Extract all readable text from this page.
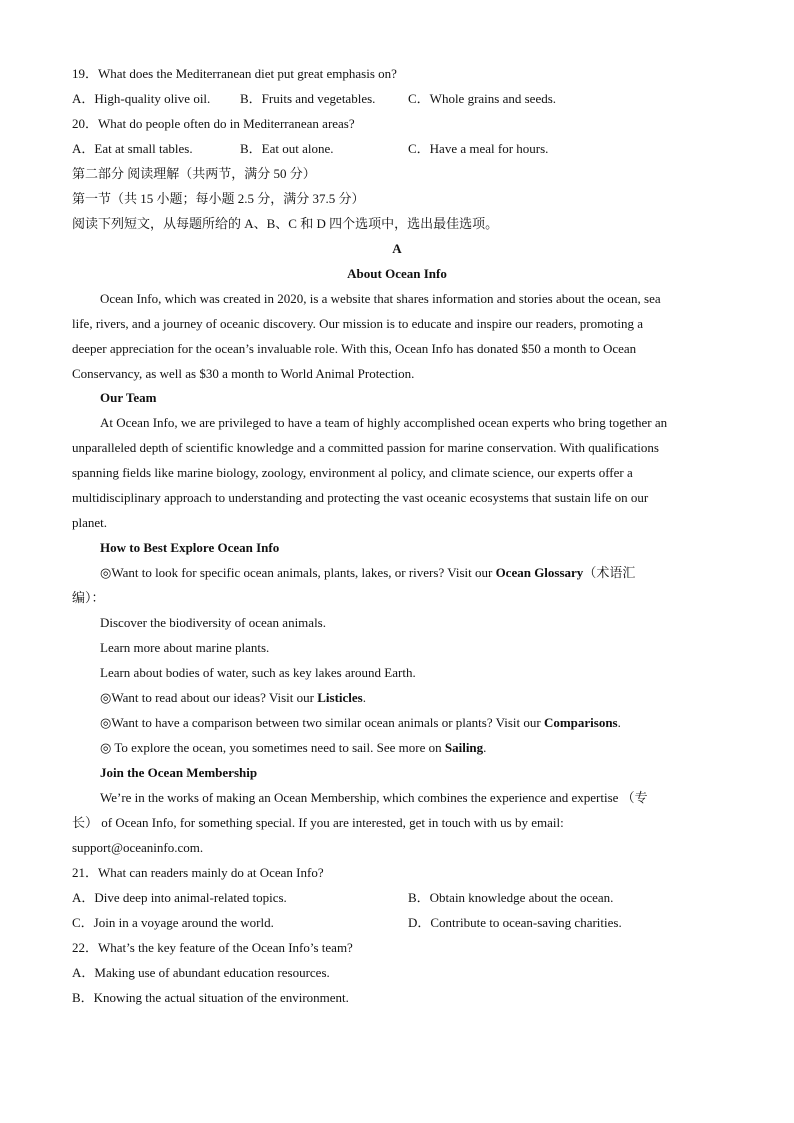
19．What does the Mediterranean diet put great emphasis on?
A．High-quality olive oil. B．Fruits and vegetables.	C．Whole grains and seeds.
20．What do people often do in Mediterranean areas?
A．Eat at small tables.	B．Eat out alone.	C．Have a meal for hours.
第二部分 阅读理解（共两节，满分 50 分）
第一节（共 15 小题；每小题 2.5 分，满分 37.5 分）
阅读下列短文，从每题所给的 A、B、C 和 D 四个选项中，选出最佳选项。
A
About Ocean Info
Ocean Info, which was created in 2020, is a website that shares information and stories about the ocean, sea
life, rivers, and a journey of oceanic discovery. Our mission is to educate and inspire our readers, promoting a
deeper appreciation for the ocean’s invaluable role. With this, Ocean Info has donated $50 a month to Ocean
Conservancy, as well as $30 a month to World Animal Protection.
Our Team
At Ocean Info, we are privileged to have a team of highly accomplished ocean experts who bring together an
unparalleled depth of scientific knowledge and a committed passion for marine conservation. With qualifications
spanning fields like marine biology, zoology, environment al policy, and climate science, our experts offer a
multidisciplinary approach to understanding and protecting the vast oceanic ecosystems that sustain life on our
planet.
How to Best Explore Ocean Info
◎Want to look for specific ocean animals, plants, lakes, or rivers? Visit our Ocean Glossary（术语汇
编）：
Discover the biodiversity of ocean animals.
Learn more about marine plants.
Learn about bodies of water, such as key lakes around Earth.
◎Want to read about our ideas? Visit our Listicles.
◎Want to have a comparison between two similar ocean animals or plants? Visit our Comparisons.
◎ To explore the ocean, you sometimes need to sail. See more on Sailing.
Join the Ocean Membership
We’re in the works of making an Ocean Membership, which combines the experience and expertise （专
长） of Ocean Info, for something special. If you are interested, get in touch with us by email:
support@oceaninfo.com.
21．What can readers mainly do at Ocean Info?
A．Dive deep into animal-related topics.	B．Obtain knowledge about the ocean.
C．Join in a voyage around the world.	D．Contribute to ocean-saving charities.
22．What’s the key feature of the Ocean Info’s team?
A．Making use of abundant education resources.
B．Knowing the actual situation of the environment.
